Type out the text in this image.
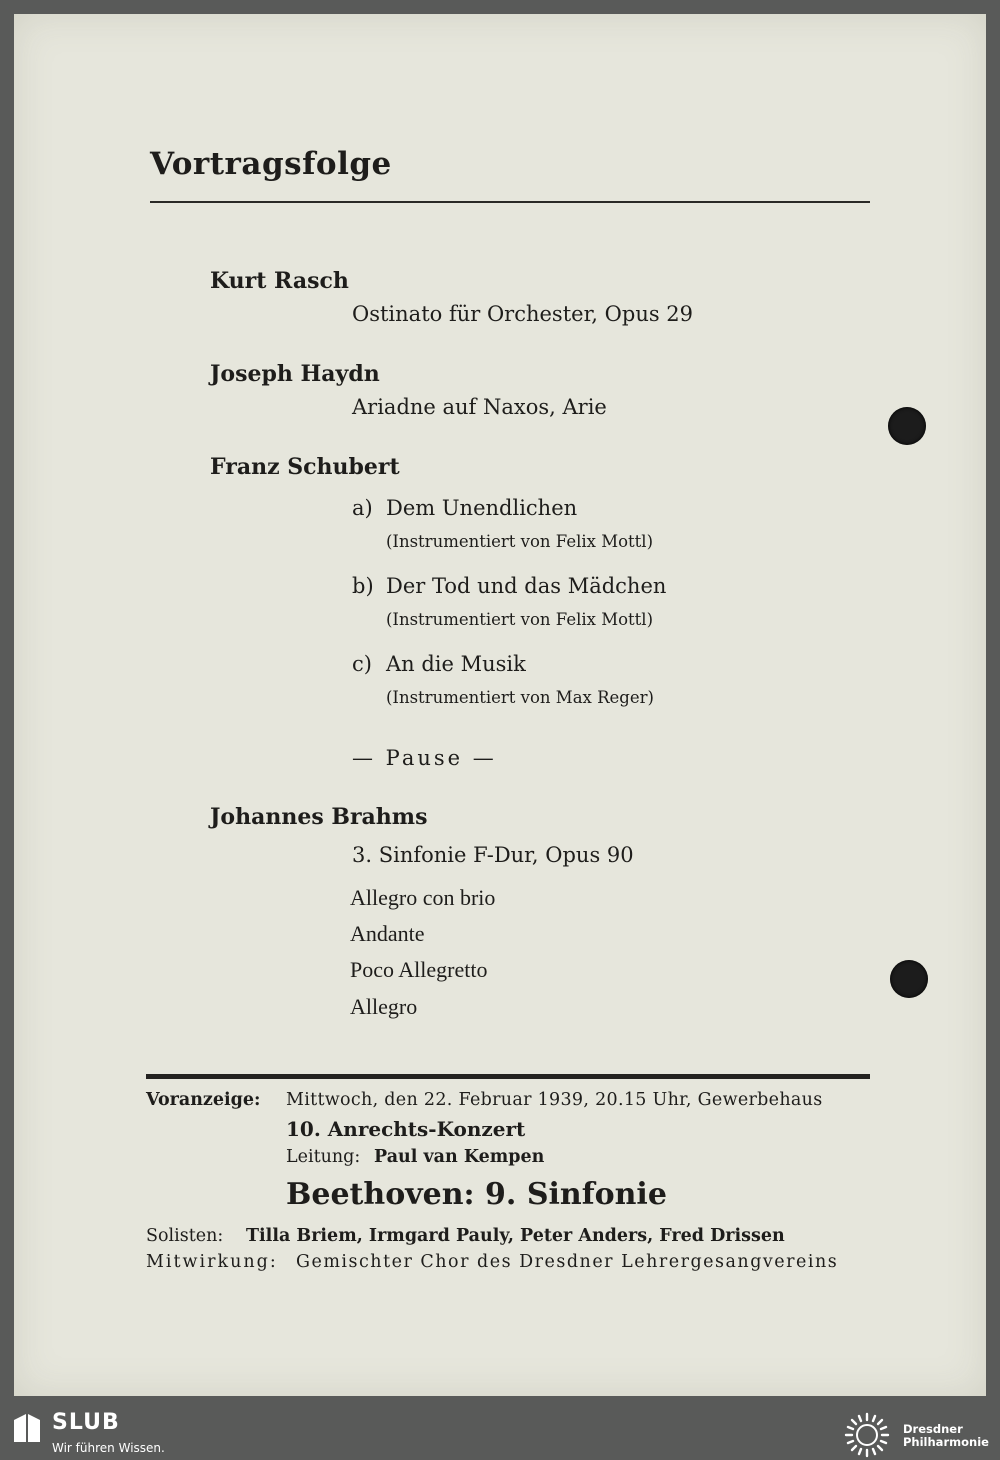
Vortragsfolge
Kurt Rasch
Ostinato für Orchester, Opus 29
Joseph Haydn
Ariadne auf Naxos, Arie
Franz Schubert
a) Dem Unendlichen
(Instrumentiert von Felix Mottl)
b) Der Tod und das Mädchen
(Instrumentiert von Felix Mottl)
c) An die Musik
(Instrumentiert von Max Reger)
— Pause —
Johannes Brahms
3. Sinfonie F-Dur, Opus 90
Allegro con brio
Andante
Poco Allegretto
Allegro
Voranzeige: Mittwoch, den 22. Februar 1939, 20.15 Uhr, Gewerbehaus
10. Anrechts-Konzert
Leitung: Paul van Kempen
Beethoven: 9. Sinfonie
Solisten: Tilla Briem, Irmgard Pauly, Peter Anders, Fred Drissen
Mitwirkung: Gemischter Chor des Dresdner Lehrergesangvereins
SLUB
Wir führen Wissen.
Dresdner
Philharmonie
